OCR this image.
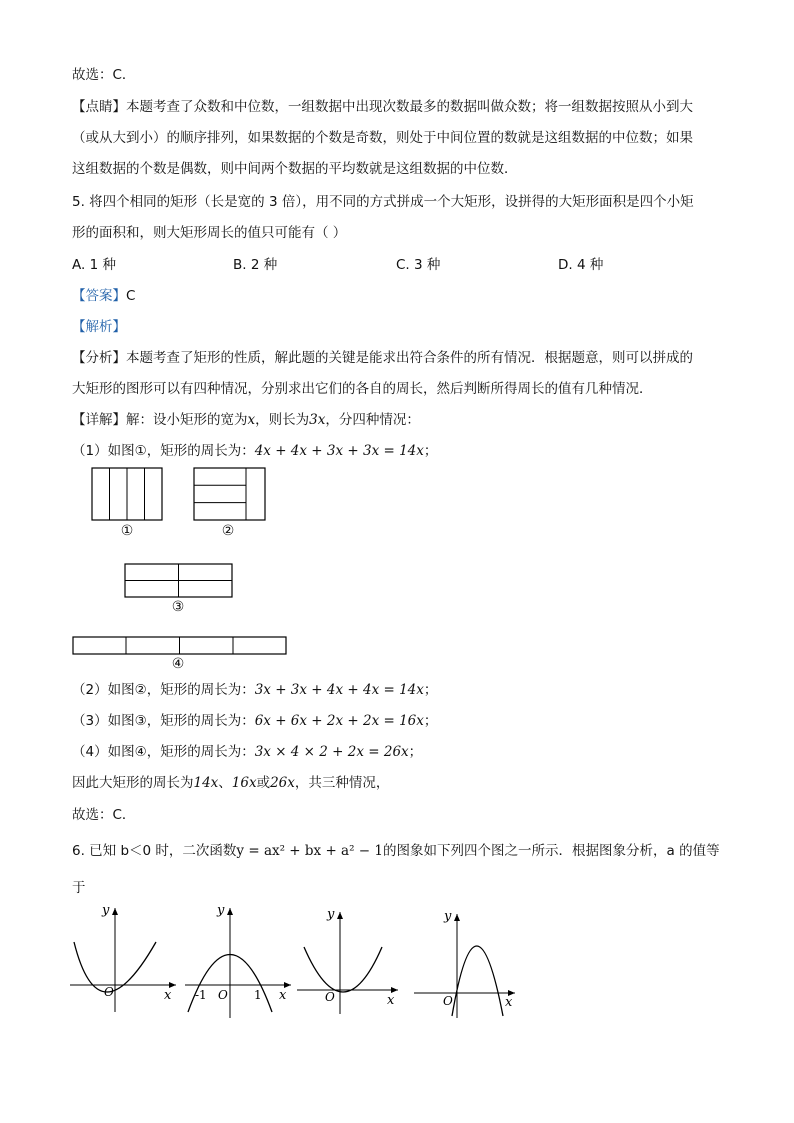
故选：C．
【点睛】本题考查了众数和中位数，一组数据中出现次数最多的数据叫做众数；将一组数据按照从小到大
（或从大到小）的顺序排列，如果数据的个数是奇数，则处于中间位置的数就是这组数据的中位数；如果
这组数据的个数是偶数，则中间两个数据的平均数就是这组数据的中位数．
5. 将四个相同的矩形（长是宽的 3 倍），用不同的方式拼成一个大矩形，设拼得的大矩形面积是四个小矩
形的面积和，则大矩形周长的值只可能有（ ）
A. 1 种	B. 2 种	C. 3 种	D. 4 种
【答案】C
【解析】
【分析】本题考查了矩形的性质，解此题的关键是能求出符合条件的所有情况．根据题意，则可以拼成的
大矩形的图形可以有四种情况，分别求出它们的各自的周长，然后判断所得周长的值有几种情况．
【详解】解：设小矩形的宽为x，则长为3x，分四种情况：
（1）如图①，矩形的周长为：4x + 4x + 3x + 3x = 14x；
①	②
③
④
（2）如图②，矩形的周长为：3x + 3x + 4x + 4x = 14x；
（3）如图③，矩形的周长为：6x + 6x + 2x + 2x = 16x；
（4）如图④，矩形的周长为：3x × 4 × 2 + 2x = 26x；
因此大矩形的周长为14x、16x或26x，共三种情况，
故选：C．
6. 已知 b＜0 时，二次函数y = ax² + bx + a² − 1的图象如下列四个图之一所示．根据图象分析，a 的值等
于
y
x
O
y
x
O
-1	1
y
x
O
y
x
O
